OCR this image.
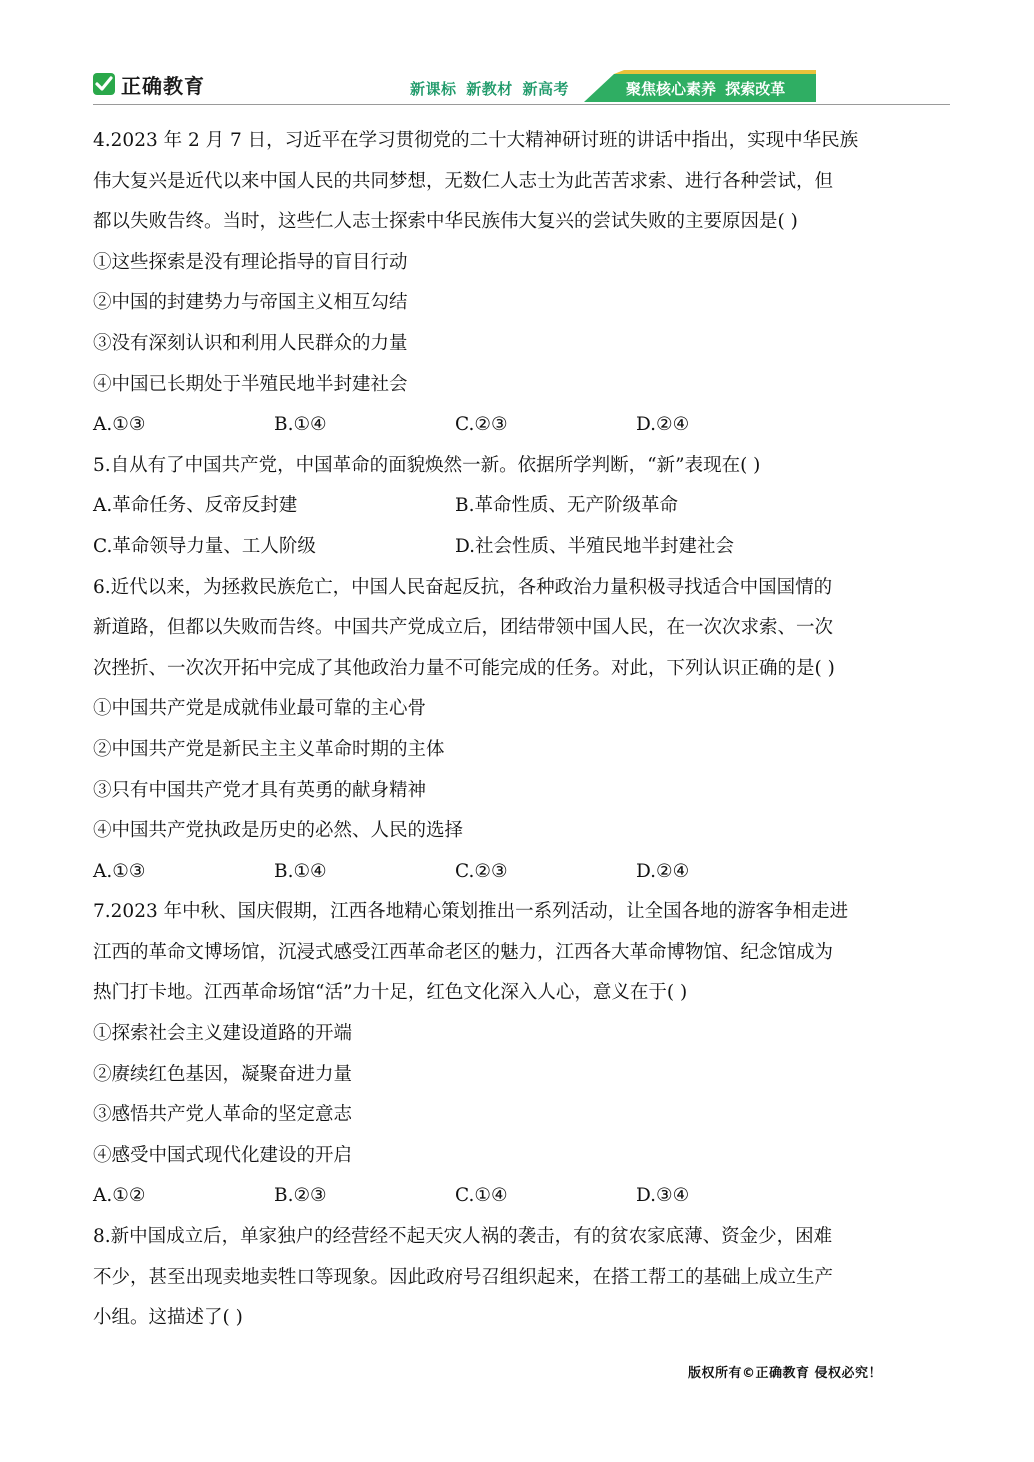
正确教育	新课标 新教材 新高考	聚焦核心素养 探索改革
4.2023 年 2 月 7 日，习近平在学习贯彻党的二十大精神研讨班的讲话中指出，实现中华民族
伟大复兴是近代以来中国人民的共同梦想，无数仁人志士为此苦苦求索、进行各种尝试，但
都以失败告终。当时，这些仁人志士探索中华民族伟大复兴的尝试失败的主要原因是( )
①这些探索是没有理论指导的盲目行动
②中国的封建势力与帝国主义相互勾结
③没有深刻认识和利用人民群众的力量
④中国已长期处于半殖民地半封建社会
A.①③	B.①④	C.②③	D.②④
5.自从有了中国共产党，中国革命的面貌焕然一新。依据所学判断，“新”表现在( )
A.革命任务、反帝反封建	B.革命性质、无产阶级革命
C.革命领导力量、工人阶级	D.社会性质、半殖民地半封建社会
6.近代以来，为拯救民族危亡，中国人民奋起反抗，各种政治力量积极寻找适合中国国情的
新道路，但都以失败而告终。中国共产党成立后，团结带领中国人民，在一次次求索、一次
次挫折、一次次开拓中完成了其他政治力量不可能完成的任务。对此，下列认识正确的是( )
①中国共产党是成就伟业最可靠的主心骨
②中国共产党是新民主主义革命时期的主体
③只有中国共产党才具有英勇的献身精神
④中国共产党执政是历史的必然、人民的选择
A.①③	B.①④	C.②③	D.②④
7.2023 年中秋、国庆假期，江西各地精心策划推出一系列活动，让全国各地的游客争相走进
江西的革命文博场馆，沉浸式感受江西革命老区的魅力，江西各大革命博物馆、纪念馆成为
热门打卡地。江西革命场馆“活”力十足，红色文化深入人心，意义在于( )
①探索社会主义建设道路的开端
②赓续红色基因，凝聚奋进力量
③感悟共产党人革命的坚定意志
④感受中国式现代化建设的开启
A.①②	B.②③	C.①④	D.③④
8.新中国成立后，单家独户的经营经不起天灾人祸的袭击，有的贫农家底薄、资金少，困难
不少，甚至出现卖地卖牲口等现象。因此政府号召组织起来，在搭工帮工的基础上成立生产
小组。这描述了( )
版权所有©正确教育 侵权必究！
